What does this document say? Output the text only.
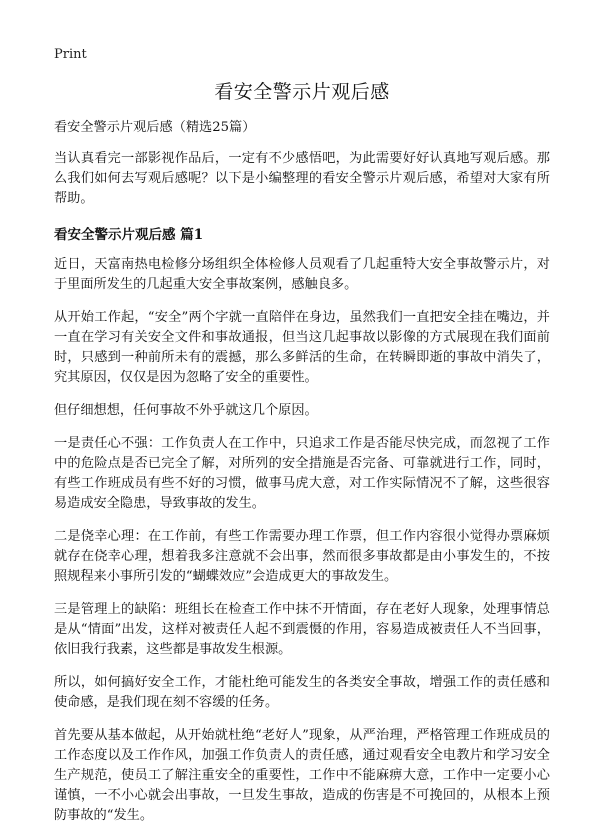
Print
看安全警示片观后感

看安全警示片观后感（精选25篇）

当认真看完一部影视作品后，一定有不少感悟吧，为此需要好好认真地写观后感。那么我们如何去写观后感呢？以下是小编整理的看安全警示片观后感，希望对大家有所帮助。

看安全警示片观后感 篇1

近日，天富南热电检修分场组织全体检修人员观看了几起重特大安全事故警示片，对于里面所发生的几起重大安全事故案例，感触良多。

从开始工作起，“安全”两个字就一直陪伴在身边，虽然我们一直把安全挂在嘴边，并一直在学习有关安全文件和事故通报，但当这几起事故以影像的方式展现在我们面前时，只感到一种前所未有的震撼，那么多鲜活的生命，在转瞬即逝的事故中消失了，究其原因，仅仅是因为忽略了安全的重要性。

但仔细想想，任何事故不外乎就这几个原因。

一是责任心不强：工作负责人在工作中，只追求工作是否能尽快完成，而忽视了工作中的危险点是否已完全了解，对所列的安全措施是否完备、可靠就进行工作，同时，有些工作班成员有些不好的习惯，做事马虎大意，对工作实际情况不了解，这些很容易造成安全隐患，导致事故的发生。

二是侥幸心理：在工作前，有些工作需要办理工作票，但工作内容很小觉得办票麻烦就存在侥幸心理，想着我多注意就不会出事，然而很多事故都是由小事发生的，不按照规程来小事所引发的“蝴蝶效应”会造成更大的事故发生。

三是管理上的缺陷：班组长在检查工作中抹不开情面，存在老好人现象，处理事情总是从“情面”出发，这样对被责任人起不到震慑的作用，容易造成被责任人不当回事，依旧我行我素，这些都是事故发生根源。

所以，如何搞好安全工作，才能杜绝可能发生的各类安全事故，增强工作的责任感和使命感，是我们现在刻不容缓的任务。

首先要从基本做起，从开始就杜绝“老好人”现象，从严治理，严格管理工作班成员的工作态度以及工作作风，加强工作负责人的责任感，通过观看安全电教片和学习安全生产规范，使员工了解注重安全的重要性，工作中不能麻痹大意，工作中一定要小心谨慎，一不小心就会出事故，一旦发生事故，造成的伤害是不可挽回的，从根本上预防事故的“发生。
